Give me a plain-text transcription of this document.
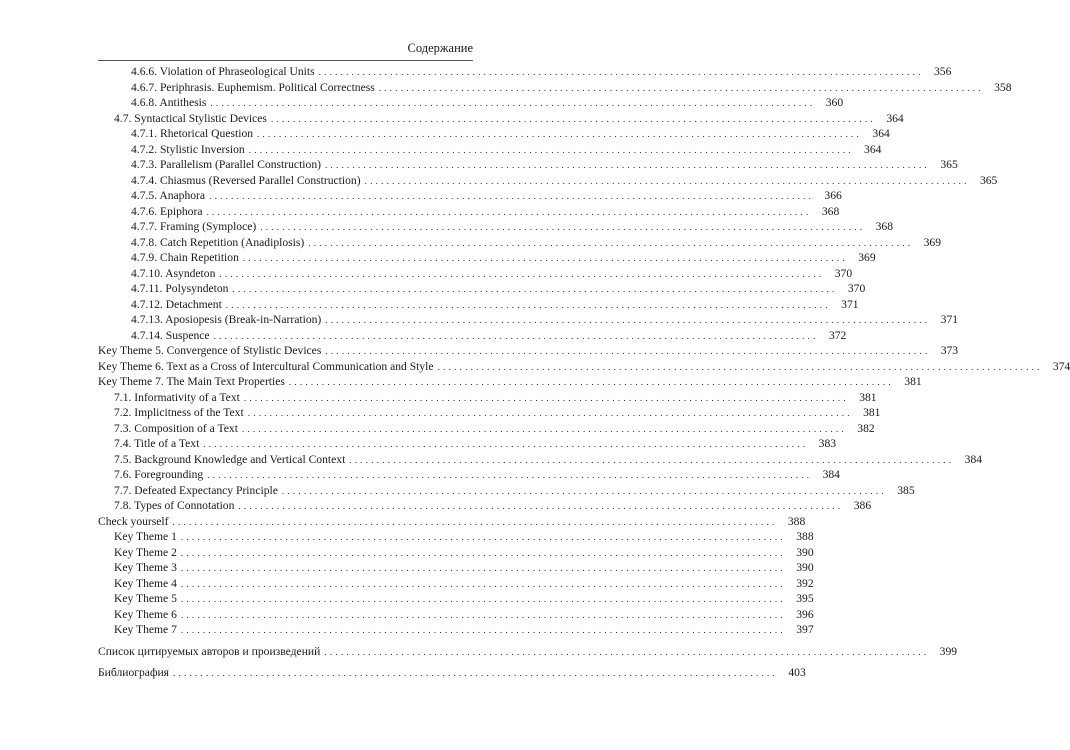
Содержание
4.6.6. Violation of Phraseological Units . . .	356
4.6.7. Periphrasis. Euphemism. Political Correctness . . .	358
4.6.8. Antithesis . . .	360
4.7. Syntactical Stylistic Devices . . .	364
4.7.1. Rhetorical Question . . .	364
4.7.2. Stylistic Inversion . . .	364
4.7.3. Parallelism (Parallel Construction) . . .	365
4.7.4. Chiasmus (Reversed Parallel Construction) . . .	365
4.7.5. Anaphora . . .	366
4.7.6. Epiphora . . .	368
4.7.7. Framing (Symploce) . . .	368
4.7.8. Catch Repetition (Anadiplosis) . . .	369
4.7.9. Chain Repetition . . .	369
4.7.10. Asyndeton . . .	370
4.7.11. Polysyndeton . . .	370
4.7.12. Detachment . . .	371
4.7.13. Aposiopesis (Break-in-Narration) . . .	371
4.7.14. Suspence . . .	372
Key Theme 5. Convergence of Stylistic Devices . . .	373
Key Theme 6. Text as a Cross of Intercultural Communication and Style . . .	374
Key Theme 7. The Main Text Properties . . .	381
7.1. Informativity of a Text . . .	381
7.2. Implicitness of the Text . . .	381
7.3. Composition of a Text . . .	382
7.4. Title of a Text . . .	383
7.5. Background Knowledge and Vertical Context . . .	384
7.6. Foregrounding . . .	384
7.7. Defeated Expectancy Principle . . .	385
7.8. Types of Connotation . . .	386
Check yourself . . .	388
Key Theme 1 . . .	388
Key Theme 2 . . .	390
Key Theme 3 . . .	390
Key Theme 4 . . .	392
Key Theme 5 . . .	395
Key Theme 6 . . .	396
Key Theme 7 . . .	397
Список цитируемых авторов и произведений . . .	399
Библиография . . .	403
